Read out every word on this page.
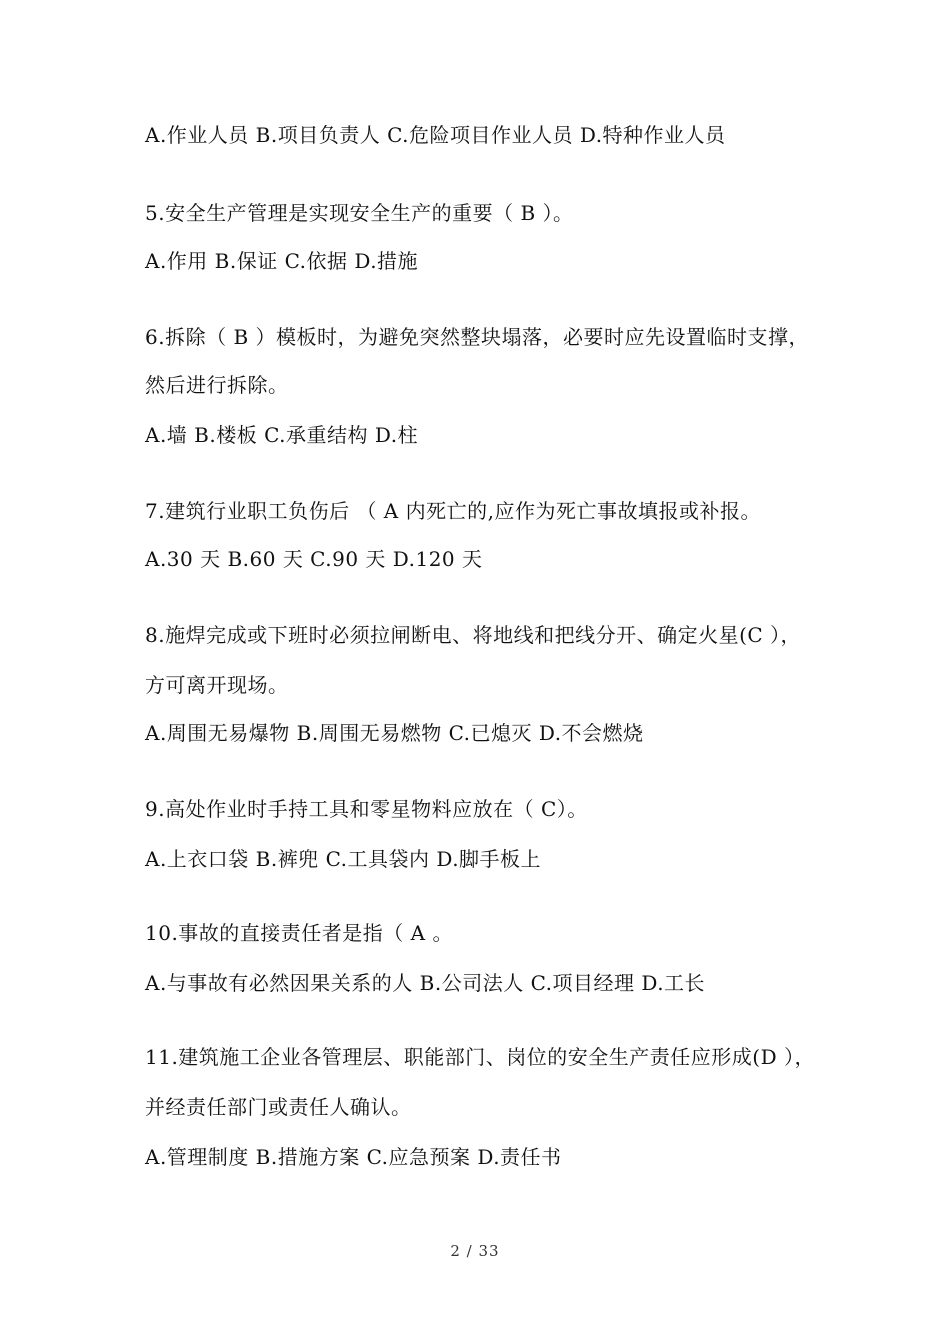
A.作业人员 B.项目负责人 C.危险项目作业人员 D.特种作业人员
5.安全生产管理是实现安全生产的重要（ B ）。
A.作用 B.保证 C.依据 D.措施
6.拆除（ B ）模板时，为避免突然整块塌落，必要时应先设置临时支撑，
然后进行拆除。
A.墙 B.楼板 C.承重结构 D.柱
7.建筑行业职工负伤后 （ A 内死亡的,应作为死亡事故填报或补报。
A.30 天 B.60 天 C.90 天 D.120 天
8.施焊完成或下班时必须拉闸断电、将地线和把线分开、确定火星(C ），
方可离开现场。
A.周围无易爆物 B.周围无易燃物 C.已熄灭 D.不会燃烧
9.高处作业时手持工具和零星物料应放在（ C）。
A.上衣口袋 B.裤兜 C.工具袋内 D.脚手板上
10.事故的直接责任者是指（ A 。
A.与事故有必然因果关系的人 B.公司法人 C.项目经理 D.工长
11.建筑施工企业各管理层、职能部门、岗位的安全生产责任应形成(D ），
并经责任部门或责任人确认。
A.管理制度 B.措施方案 C.应急预案 D.责任书
2 / 33
